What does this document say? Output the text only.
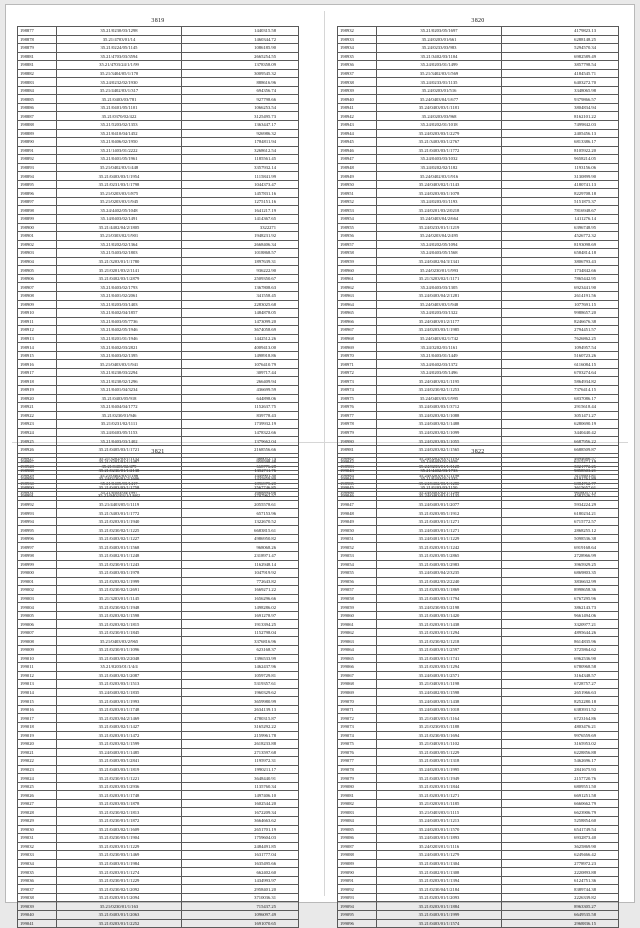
3819
198877	35.21/0230/03/1298	1440315.58
198878	35.21/4703/01/14	1460344.72
198879	35.21/0224/05/1145	1086185.90
198881	35.21/4703/03/3594	2665254.55
198881	35.21/4703/24/1/1/99	1378358.09
198882	35.21/3404/05/1/170	3009545.32
198883	35.24/0232/02/1930	888616.96
198884	35.21/4402/03/1/317	694356.74
198885	35.21/0403/03/781	927798.66
198886	35.21/0401/05/1101	1066253.54
198887	35.21/0370/02/422	3125495.73
198888	35.21/5203/02/1353	1363447.17
198889	35.21/0410/04/1452	926986.32
198890	35.21/0406/02/1950	1784811.94
198891	35.21/1403/01/2222	3268612.54
198892	35.21/0401/05/1961	1185561.45
198893	35.21/0402/03/1/448	3357932.14
198894	35.21/0403/03/1/1954	1115841.99
198895	35.21/0231/03/1/1798	1044373.47
198896	35.21/0203/03/1/875	1457831.16
198897	35.21/0203/03/1/945	1275151.16
198898	35.24/4402/05/1048	1641217.19
198899	35.14/0403/02/1491	1414367.65
198900	35.21/4402/04/2/1805	3322271
198901	35.21/0303/02/1/901	1948231.92
198902	35.21/0202/02/1364	2668406.34
198903	35.21/5403/02/1803	1018868.57
198904	35.21/3203/01/1/1780	1897639.31
198905	35.21/0201/03/2/1141	936222.90
198906	35.21/0402/03/1/2879	2509350.67
198907	35.21/0403/02/1793	1367808.63
198908	35.21/0401/02/2061	341558.45
198909	35.21/0203/03/1403	2283025.68
198910	35.21/0402/04/1857	1484878.05
198911	35.21/0403/05/7736	1473099.20
198912	35.21/0402/05/1946	3674058.69
198913	35.21/0201/01/1946	1442512.26
198914	35.21/0402/03/2821	4009413.00
198915	35.21/0403/02/1395	1498918.86
198916	35.21/0403/03/1/941	1076410.79
198917	35.21/0230/03/2294	309717.44
198918	35.21/0230/02/1296	266409.94
198919	35.21/0401/04/3234	436699.59
198920	35.21/0403/05/918	644898.06
198921	35.21/0404/04/1772	1152637.75
198922	35.21/0230/01/946	839778.43
198923	35.21/0231/02/1111	1739932.19
198924	35.24/0403/05/1153	1478322.66
198925	35.21/0403/03/1402	1379662.04
198926	35.21/0405/03/1/1721	2168556.66
198927	35.21/3202/03/1/1132	466052.74
198928	35.21/0403/02/479	668776.28
198929	35.21/0402/03/1/186	1449901.30
198930	35.21/0405/03/1417	1896975.20
198931	35.21/0403/04/1997	1668894.66
3820
198932	35.21/0203/05/1697	4179823.13
198933	35.24/0203/01/661	6288148.25
198934	35.24/0233/03/983	5294570.34
198935	35.21/3402/03/1104	6982589.49
198936	35.24/0203/01/1499	3857798.54
198937	35.21/3402/03/1/569	4184545.71
198938	35.24/0233/01/1135	6403272.70
198939	35.24/0203/01/516	3348065.98
198940	35.24/0403/04/1/677	9379866.57
198941	35.24/0403/03/1/1181	3804834.94
198942	35.24/0203/03/968	8162101.22
198943	35.24/0202/01/1018	7499842.03
198944	35.24/0203/03/1/2279	2405456.13
198945	35.21/3403/03/1/2767	6813386.17
198946	35.21/0403/03/1/1772	8105922.20
198947	35.24/0403/03/1032	9658214.05
198948	35.24/0202/02/1182	1193156.06
198949	35.24/0402/03/1/916	3130899.90
198950	35.24/0403/02/1/1143	4180741.13
198951	35.24/0203/03/1/1078	8229708.18
198952	35.24/0203/01/1193	5151875.37
198953	35.24/0201/03/2/0218	7816948.67
198954	35.24/0403/04/2/664	1411276.14
198955	35.24/0233/01/1/1219	6396748.95
198956	35.24/0203/04/2/495	4526772.32
198957	35.24/0202/05/1094	8193098.69
198958	35.24/0403/05/1568	6584814.18
198959	35.24/0402/04/3/1341	3806793.43
198960	35.24/0230/01/1/993	1734842.66
198961	35.21/3203/02/1/1171	7865442.95
198962	35.24/0403/03/1305	6923441.90
198963	35.24/0403/04/2/1281	2614191.56
198964	35.24/0403/03/1/948	1077691.15
198965	35.24/0203/03/1322	9988657.20
198966	35.24/0403/01/2/1177	8246676.38
198967	35.24/0203/03/1/1985	2794451.57
198968	35.24/0403/02/1/742	7626862.25
198969	35.24/3202/01/1161	1094957.54
198970	35.21/0403/01/1449	5160723.26
198971	35.24/0402/03/1372	6116084.15
198972	35.24/0203/05/1496	6703274.64
198973	35.24/0403/02/1/1195	5864934.82
198974	35.24/0230/02/1/1253	7376414.15
198975	35.24/0403/03/1/995	6837086.17
198976	35.24/0403/03/1/3712	2915618.44
198977	35.24/0203/02/1/1088	3051471.27
198978	35.24/0403/02/1/1488	6280690.19
198979	35.24/0203/02/1/1099	3440440.42
198980	35.24/0203/03/1/1055	6687956.22
198981	35.24/0203/02/1/1565	6688509.87
198982	35.24/0202/03/1/1192	4694686.57
198983	35.24/0233/01/1/1128	3021772.26
198984	35.24/0203/01/1/1198	3119401.81
198985	35.24/0402/03/1/1280	6884762.77
198986	35.24/0403/02/1/1299	9656057.13
3821
198987	35.21/3202/01/1/1487	959598.48
198988	35.21/0230/01/1/2138	1352711.76
198989	35.24/0230/01/2/1606	1435859.80
198990	35.21/0403/03/1/1758	2567746.85
198991	35.21/0402/03/1/1/682	2707962.57
198992	35.21/4403/05/1/1119	2055578.61
198993	35.21/3403/01/1/1772	657153.96
198994	35.21/0203/01/1/1940	1322670.52
198995	35.21/0230/02/1/1225	6683815.61
198996	35.21/0403/02/1/1227	4986950.82
198997	35.21/0403/01/1/1568	968068.26
198998	35.21/0402/01/1/1248	2318971.47
198999	35.21/0230/01/1/1243	1162948.14
199000	35.21/0403/03/1/1978	1047919.92
199001	35.21/0203/02/1/1999	772643.82
199002	35.21/0230/02/1/2691	1669271.22
199003	35.21/3203/01/1/1145	1656296.66
199004	35.21/0230/02/1/1948	1498286.02
199005	35.21/0203/02/1/1598	1691278.97
199006	35.21/0203/02/1/1815	1913394.25
199007	35.21/0230/01/1/1845	1152798.04
199008	35.21/0403/03/2/965	3376816.96
199009	35.21/0230/01/1/1096	623168.37
199010	35.21/0403/03/2/2048	1396533.99
199011	35.21/0203/01/1/4/4	1462437.96
199012	35.21/0403/02/1/2087	1059729.81
199013	35.21/0203/03/1/1513	5319357.61
199014	35.24/0403/02/1/1835	1960329.62
199015	35.21/0403/01/1/1993	3659980.99
199016	35.21/0203/01/1/1748	2634139.13
199017	35.21/0203/04/2/1469	4780315.87
199018	35.21/0403/02/1/1427	3165292.22
199019	35.21/0203/01/1/1472	2159961.78
199020	35.21/0203/02/1/1599	2618233.88
199021	35.24/0403/01/1/1485	2713597.68
199022	35.21/0403/03/1/2841	1195972.31
199023	35.21/0403/03/1/1819	1990211.17
199024	35.21/0230/01/1/1221	3648440.91
199025	35.21/0203/03/1/2936	1135760.34
199026	35.21/0203/01/1/1748	1497406.10
199027	35.21/0203/03/1/1878	1602544.20
199028	35.21/0230/02/1/1813	1672209.34
199029	35.21/0230/01/1/1872	3664663.62
199030	35.21/0403/02/1/1609	2651701.19
199031	35.21/0230/03/1/1904	1759604.03
199032	35.21/0203/01/1/1229	2484491.85
199033	35.21/0230/03/1/1469	1631777.04
199034	35.21/0403/01/1/1984	1635495.66
199035	35.21/0203/01/1/1274	662402.60
199036	35.21/0230/01/1/1229	1434993.97
199037	35.21/0230/02/1/2092	2958401.20
199038	35.21/0203/01/1/2094	3710036.31
199039	35.21/0230/01/1/163	715437.25
199040	35.21/0403/01/1/2063	1096097.49
199041	35.21/0203/01/1/2252	1691070.65
3822
199042	35.24/0403/01/1658	6215271.19
199043	35.21/4402/03/1733	9858503.21
199044	35.21/0203/01/1335	6191761.89
199045	35.21/0203/03/1150	3615657.61
199046	35.24/0403/01/1/1135	4582526.71
199047	35.24/0403/01/1/2077	5934224.29
199048	35.21/0203/05/1/1912	6180234.21
199049	35.21/0403/01/1/1271	6715772.57
199050	35.24/0403/01/1/1271	2868255.12
199051	35.24/0401/01/1/1229	5098536.38
199052	35.21/0203/01/1/1242	6919168.64
199053	35.21/0203/05/1/2865	2728966.99
199054	35.21/0403/03/1/2983	3965929.25
199055	35.24/0403/04/2/3235	6869803.35
199056	35.21/0402/03/2/2240	3836632.99
199057	35.21/0203/03/1/1869	8998658.36
199058	35.21/0403/03/1/1794	6767295.96
199059	35.24/0230/03/1/2198	3862143.73
199060	35.21/0403/03/1/1420	9661494.06
199061	35.21/0203/01/1/1438	3320977.21
199062	35.21/0203/01/1/1294	4895644.26
199063	35.21/0230/02/1/1218	8614835.96
199064	35.21/0403/01/1/2597	3725864.62
199065	35.21/0403/01/1/1741	6962536.90
199066	35.21/0203/03/1/1294	6780968.58
199067	35.24/0403/01/1/2571	3164348.57
199068	35.21/0403/01/1/1198	6728757.27
199069	35.24/0402/03/1/1598	2651966.63
199070	35.24/0403/03/1/1438	8252280.18
199071	35.24/0403/03/1/1018	6383931.52
199072	35.21/0403/03/1/1164	6723164.86
199073	35.21/0230/03/1/1188	4803476.21
199074	35.21/0230/03/1/1694	9976559.69
199075	35.21/0403/01/1/1102	3165953.02
199076	35.21/0403/05/1/1229	6228856.88
199077	35.21/0403/01/1/1318	5462696.17
199078	35.24/0203/01/1/1995	2841675.93
199079	35.21/0403/01/1/1949	2157720.76
199080	35.21/0203/01/1/1844	6809551.50
199081	35.21/0203/01/1/1271	6691251.58
199082	35.21/0203/01/1/1185	6660662.79
199083	35.21/0403/03/1/1115	6623906.79
199084	35.24/0403/01/1/1213	5258854.60
199085	35.24/0203/01/1/1570	6541749.54
199086	35.24/0403/01/1/1893	6932873.40
199087	35.24/0203/01/1/1116	3625869.90
199088	35.24/0403/01/1/1279	6249466.42
199089	35.21/0403/01/1/1304	2778972.23
199090	35.21/0402/01/1/1308	2220893.88
199091	35.21/0203/01/1/1394	6124751.36
199092	35.21/0230/04/1/2184	8389744.38
199093	35.21/0203/01/1/2093	2226339.82
199094	35.21/0203/01/1/1884	8963305.27
199095	35.21/0403/01/1/1999	6649535.58
199096	35.21/0403/01/1/1574	2968836.15
